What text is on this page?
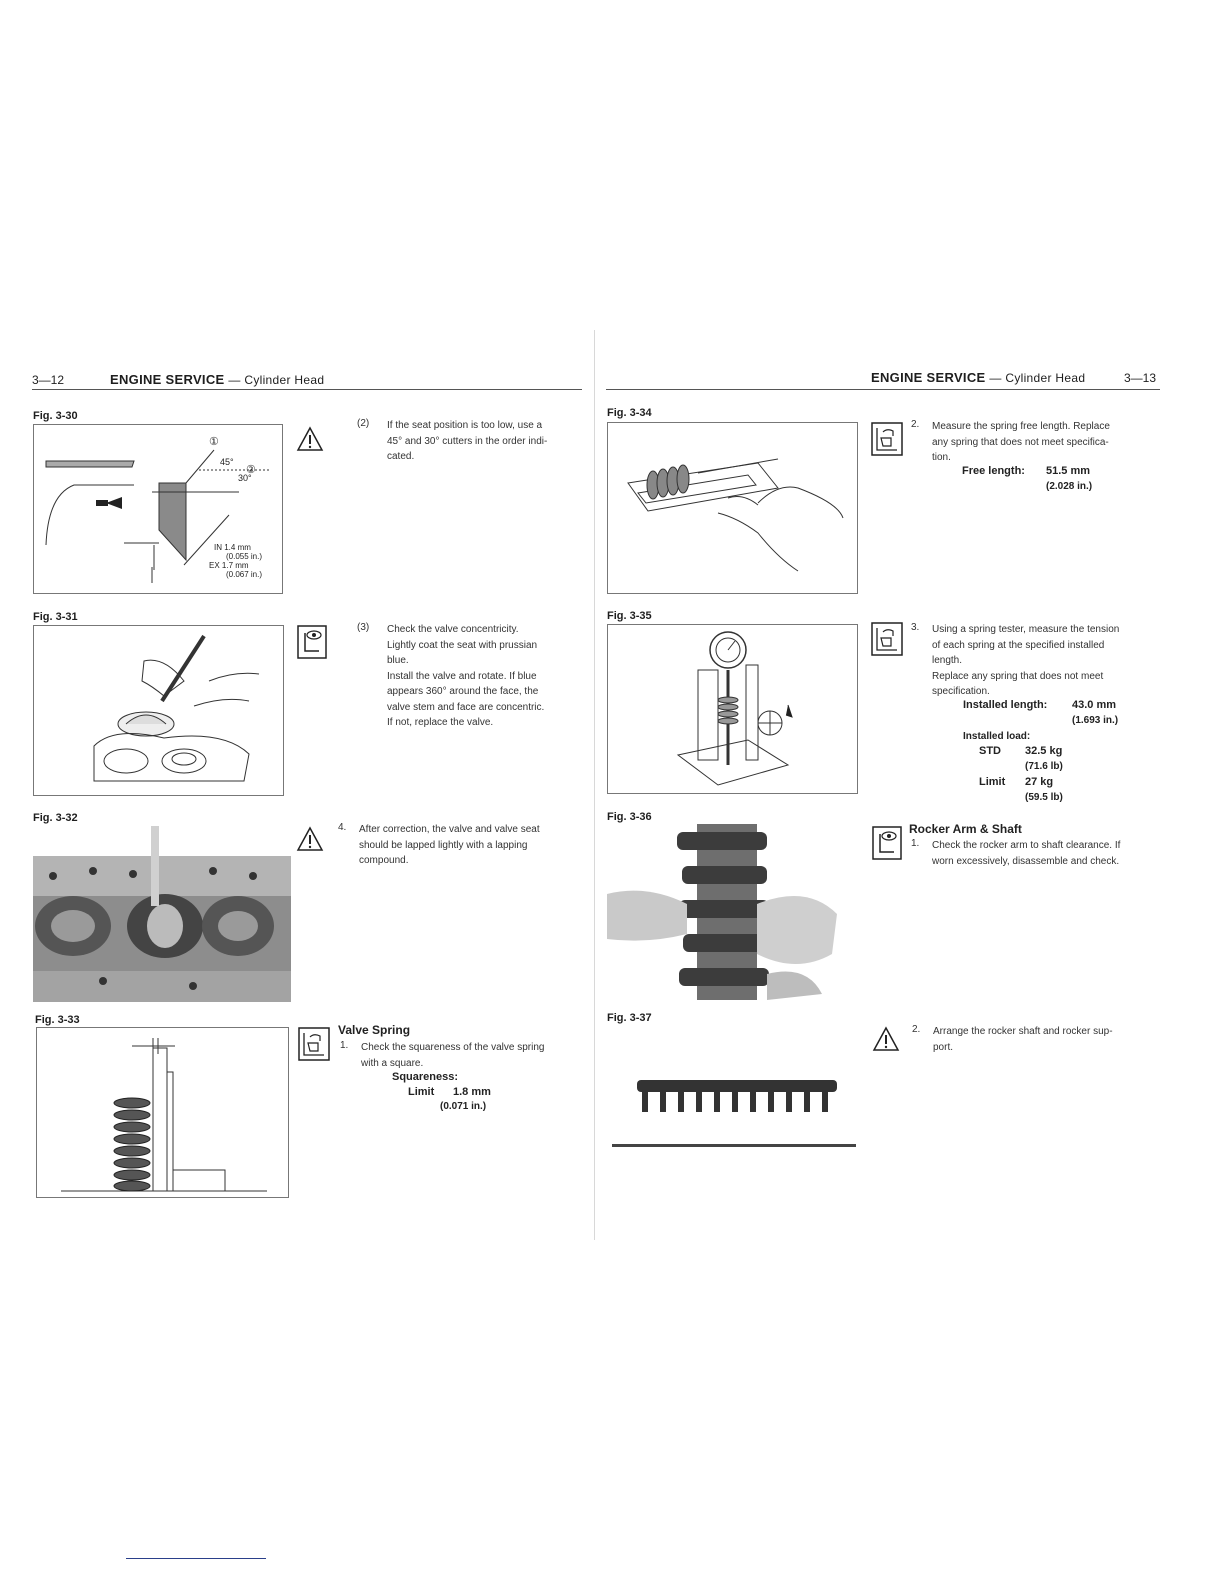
3—12	ENGINE SERVICE — Cylinder Head	ENGINE SERVICE — Cylinder Head	3—13
Fig. 3-30
①
②
45°
30°
IN 1.4 mm
(0.055 in.)
EX 1.7 mm
(0.067 in.)
(2) If the seat position is too low, use a
45° and 30° cutters in the order indi-
cated.
Fig. 3-31
(3) Check the valve concentricity.
Lightly coat the seat with prussian
blue.
Install the valve and rotate. If blue
appears 360° around the face, the
valve stem and face are concentric.
If not, replace the valve.
Fig. 3-32
4. After correction, the valve and valve seat
should be lapped lightly with a lapping
compound.
Fig. 3-33
Valve Spring
1. Check the squareness of the valve spring
with a square.
Squareness:
Limit 1.8 mm
(0.071 in.)
Fig. 3-34
2. Measure the spring free length. Replace
any spring that does not meet specifica-
tion.
Free length: 51.5 mm
(2.028 in.)
Fig. 3-35
3. Using a spring tester, measure the tension
of each spring at the specified installed
length.
Replace any spring that does not meet
specification.
Installed length: 43.0 mm
(1.693 in.)
Installed load:
STD 32.5 kg
(71.6 lb)
Limit 27 kg
(59.5 lb)
Fig. 3-36
Rocker Arm & Shaft
1. Check the rocker arm to shaft clearance. If
worn excessively, disassemble and check.
Fig. 3-37
2. Arrange the rocker shaft and rocker sup-
port.
